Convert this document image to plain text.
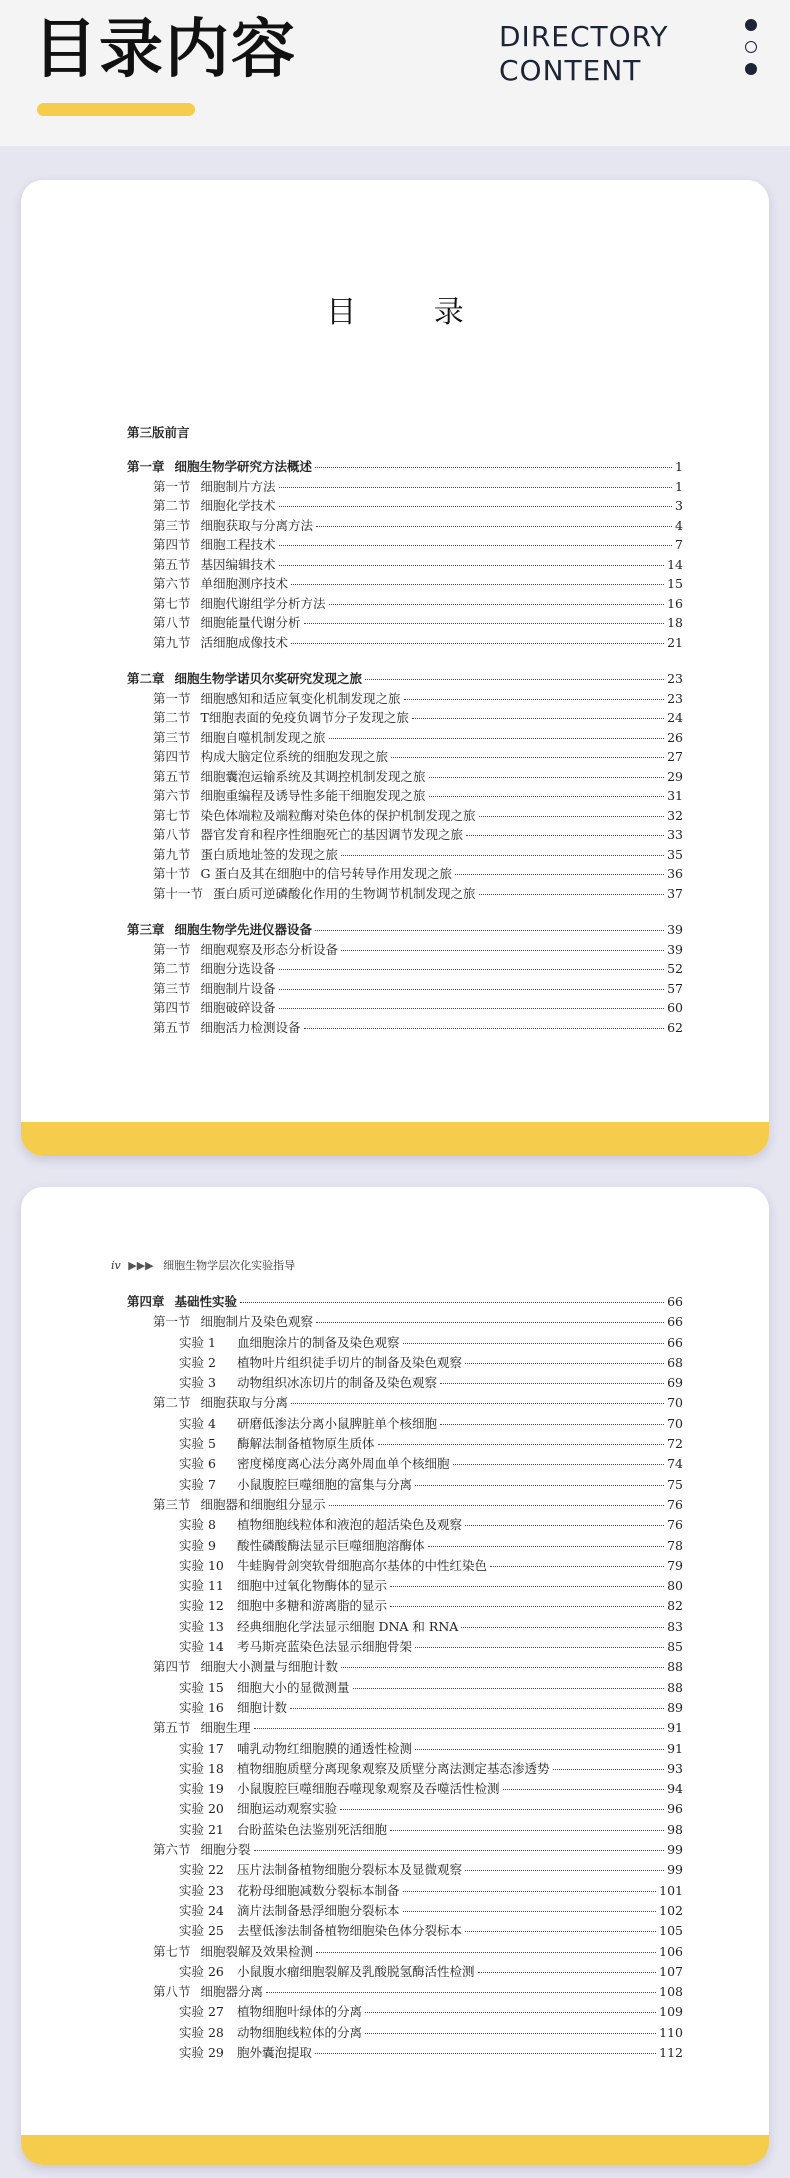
目录内容	DIRECTORY
CONTENT
目 录
第三版前言
第一章 细胞生物学研究方法概述	1
第一节 细胞制片方法	1
第二节 细胞化学技术	3
第三节 细胞获取与分离方法	4
第四节 细胞工程技术	7
第五节 基因编辑技术	14
第六节 单细胞测序技术	15
第七节 细胞代谢组学分析方法	16
第八节 细胞能量代谢分析	18
第九节 活细胞成像技术	21
第二章 细胞生物学诺贝尔奖研究发现之旅	23
第一节 细胞感知和适应氧变化机制发现之旅	23
第二节 T细胞表面的免疫负调节分子发现之旅	24
第三节 细胞自噬机制发现之旅	26
第四节 构成大脑定位系统的细胞发现之旅	27
第五节 细胞囊泡运输系统及其调控机制发现之旅	29
第六节 细胞重编程及诱导性多能干细胞发现之旅	31
第七节 染色体端粒及端粒酶对染色体的保护机制发现之旅	32
第八节 器官发育和程序性细胞死亡的基因调节发现之旅	33
第九节 蛋白质地址签的发现之旅	35
第十节 G 蛋白及其在细胞中的信号转导作用发现之旅	36
第十一节 蛋白质可逆磷酸化作用的生物调节机制发现之旅	37
第三章 细胞生物学先进仪器设备	39
第一节 细胞观察及形态分析设备	39
第二节 细胞分选设备	52
第三节 细胞制片设备	57
第四节 细胞破碎设备	60
第五节 细胞活力检测设备	62
iv ▶▶▶ 细胞生物学层次化实验指导
第四章 基础性实验	66
第一节 细胞制片及染色观察	66
实验 1	血细胞涂片的制备及染色观察	66
实验 2	植物叶片组织徒手切片的制备及染色观察	68
实验 3	动物组织冰冻切片的制备及染色观察	69
第二节 细胞获取与分离	70
实验 4	研磨低渗法分离小鼠脾脏单个核细胞	70
实验 5	酶解法制备植物原生质体	72
实验 6	密度梯度离心法分离外周血单个核细胞	74
实验 7	小鼠腹腔巨噬细胞的富集与分离	75
第三节 细胞器和细胞组分显示	76
实验 8	植物细胞线粒体和液泡的超活染色及观察	76
实验 9	酸性磷酸酶法显示巨噬细胞溶酶体	78
实验 10 牛蛙胸骨剑突软骨细胞高尔基体的中性红染色	79
实验 11 细胞中过氧化物酶体的显示	80
实验 12 细胞中多糖和游离脂的显示	82
实验 13 经典细胞化学法显示细胞 DNA 和 RNA	83
实验 14 考马斯亮蓝染色法显示细胞骨架	85
第四节 细胞大小测量与细胞计数	88
实验 15 细胞大小的显微测量	88
实验 16 细胞计数	89
第五节 细胞生理	91
实验 17 哺乳动物红细胞膜的通透性检测	91
实验 18 植物细胞质壁分离现象观察及质壁分离法测定基态渗透势	93
实验 19 小鼠腹腔巨噬细胞吞噬现象观察及吞噬活性检测	94
实验 20 细胞运动观察实验	96
实验 21 台盼蓝染色法鉴别死活细胞	98
第六节 细胞分裂	99
实验 22 压片法制备植物细胞分裂标本及显微观察	99
实验 23 花粉母细胞减数分裂标本制备	101
实验 24 滴片法制备悬浮细胞分裂标本	102
实验 25 去壁低渗法制备植物细胞染色体分裂标本	105
第七节 细胞裂解及效果检测	106
实验 26 小鼠腹水瘤细胞裂解及乳酸脱氢酶活性检测	107
第八节 细胞器分离	108
实验 27 植物细胞叶绿体的分离	109
实验 28 动物细胞线粒体的分离	110
实验 29 胞外囊泡提取	112
